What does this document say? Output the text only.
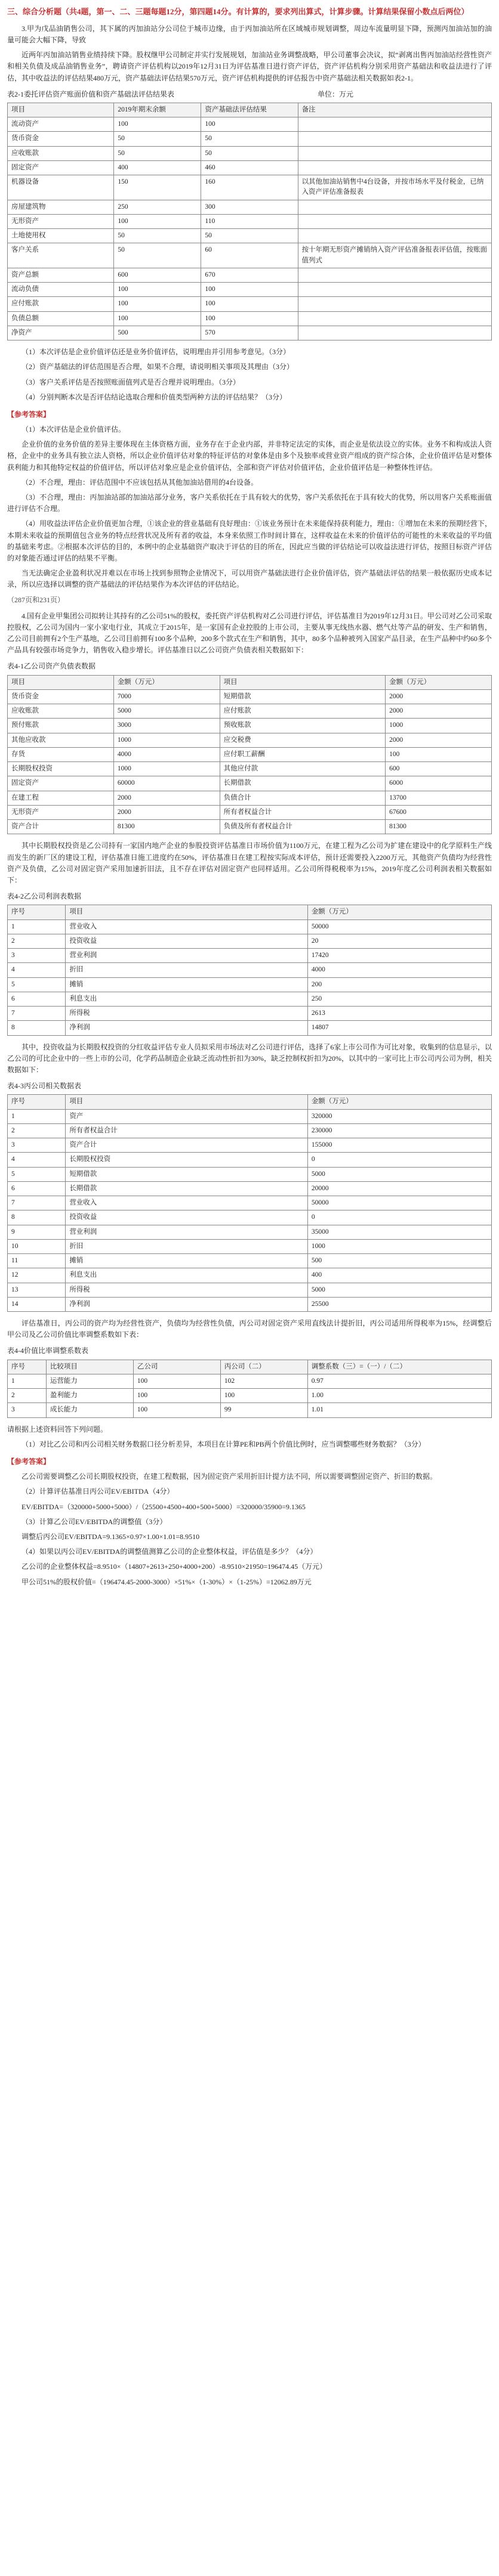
三、综合分析题（共4题，第一、二、三题每题12分，第四题14分。有计算的，要求列出算式，计算步骤。计算结果保留小数点后两位）

3.甲为戊品油销售公司，其下属的丙加油站分公司位于城市边缘，由于丙加油站所在区域城市规划调整，周边车流量明显下降，预测丙加油站加的油量可能会大幅下降，导致

近两年丙加油站销售业绩持续下降。股权继甲公司制定并实行发展规划，加油站业务调整战略，甲公司董事会决议，拟“剥离出售丙加油站经营性资产和相关负债及成品油销售业务”，聘请资产评估机构以2019年12月31日为评估基准日进行资产评估，资产评估机构分别采用资产基础法和收益法进行了评估，其中收益法的评估结果480万元，资产基础法评估结果570万元，资产评估机构提供的评估报告中资产基础法相关数据如表2-1。

表2-1委托评估资产账面价值和资产基础法评估结果表　　　　　　　　　　　　　　　　　　　　单位：万元

项目	2019年期末余额	资产基础法评估结果	备注
流动资产	100	100	
货币资金	50	50	
应收账款	50	50	
固定资产	400	460	
机器设备	150	160	以其他加油站销售中4台设备，并按市场水平及付税金，已纳入资产评估准备报表
房屋建筑物	250	300	
无形资产	100	110	
土地使用权	50	50	
客户关系	50	60	按十年期无形资产摊销纳入资产评估准备报表评估值，按账面值列式
资产总额	600	670	
流动负债	100	100	
应付账款	100	100	
负债总额	100	100	
净资产	500	570	

（1）本次评估是企业价值评估还是业务价值评估，说明理由并引用参考意见。（3分）

（2）资产基础法的评估范围是否合理，如果不合理，请说明相关事项及其理由（3分）

（3）客户关系评估是否按照账面值列式是否合理并说明理由。（3分）

（4）分别判断本次是否评估结论选取合理和价值类型两种方法的评估结果？（3分）

【参考答案】

（1）本次评估是企业价值评估。

企业价值的业务价值的差异主要体现在主体资格方面，业务存在于企业内部，并非特定法定的实体，而企业是依法设立的实体。业务不和构成法人资格，企业中的业务具有独立法人资格，所以企业价值评估对象的特征评估的对象体是由多个及独率或营业资产组成的资产综合体，企业价值评估是对整体获利能力和其他特定权益的价值评估，所以评估对象应是企业价值评估，全部和资产评估对价值评估，企业价值评估是一种整体性评估。

（2）不合理，理由：评估范围中不应该包括从其他加油站借用的4台设备。

（3）不合理，理由：丙加油站部的加油站部分业务，客户关系依托在于具有较大的优势，客户关系依托在于具有较大的优势，所以用客户关系账面值进行评估不合理。

（4）用收益法评估企业价值更加合理，①该企业的营业基础有良好理由：①该业务预计在未来能保持获利能力，理由：①增加在未来的预期经营下，本期未来收益的预期值包含业务的特点经营状况及所有者的收益，本身来依照工作时间计算在，这样收益在未来的价值评估的可能性的未来收益的平均值的基础来考虑。②根据本次评估的目的，本例中的企业基础资产取决于评估的目的所在，因此应当做的评估结论可以收益法进行评估，按照目标资产评估的对象能否通过评估的结果不平衡。

当无法确定企业盈利状况并难以在市场上找到参照物企业情况下，可以用资产基础法进行企业价值评估，资产基础法评估的结果一般依据历史成本记录，所以应选择以调整的资产基础法的评估结果作为本次评估的评估结论。

（287页和231页）

4.国有企业甲集团公司拟转让其持有的乙公司51%的股权，委托资产评估机构对乙公司进行评估，评估基准日为2019年12月31日。甲公司对乙公司采取控股权，乙公司为国内一家小家电行业，其成立于2015年，是一家国有企业控股的上市公司，主要从事无线热水器、燃气灶等产品的研发、生产和销售，乙公司目前拥有2个生产基地，乙公司目前拥有100多个品种，200多个款式在生产和销售，其中，80多个品种被列入国家产品目录，在生产品种中约60多个产品具有较强市场竞争力，销售收入稳步增长。评估基准日以乙公司资产负债表相关数据如下：

表4-1乙公司资产负债表数据

项目	金额（万元）	项目	金额（万元）
货币资金	7000	短期借款	2000
应收账款	5000	应付账款	2000
预付账款	3000	预收账款	1000
其他应收款	1000	应交税费	2000
存货	4000	应付职工薪酬	100
长期股权投资	1000	其他应付款	600
固定资产	60000	长期借款	6000
在建工程	2000	负债合计	13700
无形资产	2000	所有者权益合计	67600
资产合计	81300	负债及所有者权益合计	81300

其中长期股权投资是乙公司持有一家国内地产企业的参股投资评估基准日市场价值为1100万元，在建工程为乙公司为扩建在建设中的化学原料生产线而发生的新厂区的建设工程，评估基准日施工进度约在50%，评估基准日在建工程按实际成本评估，预计还需要投入2200万元，其他资产负债均为经营性资产及负债，乙公司对固定资产采用加速折旧法，且不存在评估对固定资产也同样适用。乙公司所得税税率为15%，2019年度乙公司利润表相关数据如下：

表4-2乙公司利润表数据

序号	项目	金额（万元）
1	营业收入	50000
2	投资收益	20
3	营业利润	17420
4	折旧	4000
5	摊销	200
6	利息支出	250
7	所得税	2613
8	净利润	14807

其中，投资收益为长期股权投资的分红收益评估专业人员拟采用市场法对乙公司进行评估，选择了6家上市公司作为可比对象，收集到的信息显示，以乙公司的可比企业中的一些上市的公司，化学药品制造企业缺乏流动性折扣为30%，缺乏控制权折扣为20%，以其中的一家可比上市公司丙公司为例，相关数据如下：

表4-3丙公司相关数据表

序号	项目	金额（万元）
1	资产	320000
2	所有者权益合计	230000
3	资产合计	155000
4	长期股权投资	0
5	短期借款	5000
6	长期借款	20000
7	营业收入	50000
8	投资收益	0
9	营业利润	35000
10	折旧	1000
11	摊销	500
12	利息支出	400
13	所得税	5000
14	净利润	25500

评估基准日，丙公司的资产均为经营性资产，负债均为经营性负债，丙公司对固定资产采用直线法计提折旧，丙公司适用所得税率为15%，经调整后甲公司及乙公司价值比率调整系数如下表：

表4-4价值比率调整系数表

序号	比较项目	乙公司	丙公司（二）	调整系数（三）=（一）/（二）
1	运营能力	100	102	0.97
2	盈利能力	100	100	1.00
3	成长能力	100	99	1.01

请根据上述资料回答下列问题。

（1）对比乙公司和丙公司相关财务数据口径分析差异，本项目在计算PE和PB两个价值比例时，应当调整哪些财务数据？（3分）

【参考答案】

乙公司需要调整乙公司长期股权投资，在建工程数据，因为固定资产采用折旧计提方法不同，所以需要调整固定资产、折旧的数据。

（2）计算评估基准日丙公司EV/EBITDA（4分）

EV/EBITDA=（320000+5000+5000）/（25500+4500+400+500+5000）=320000/35900=9.1365

（3）计算乙公司EV/EBITDA的调整值（3分）

调整后丙公司EV/EBITDA=9.1365×0.97×1.00×1.01=8.9510

（4）如果以丙公司EV/EBITDA的调整值测算乙公司的企业整体权益，评估值是多少？（4分）

乙公司的企业整体权益=8.9510×（14807+2613+250+4000+200）-8.9510×21950=196474.45（万元）

甲公司51%的股权价值=（196474.45-2000-3000）×51%×（1-30%）×（1-25%）=12062.89万元
